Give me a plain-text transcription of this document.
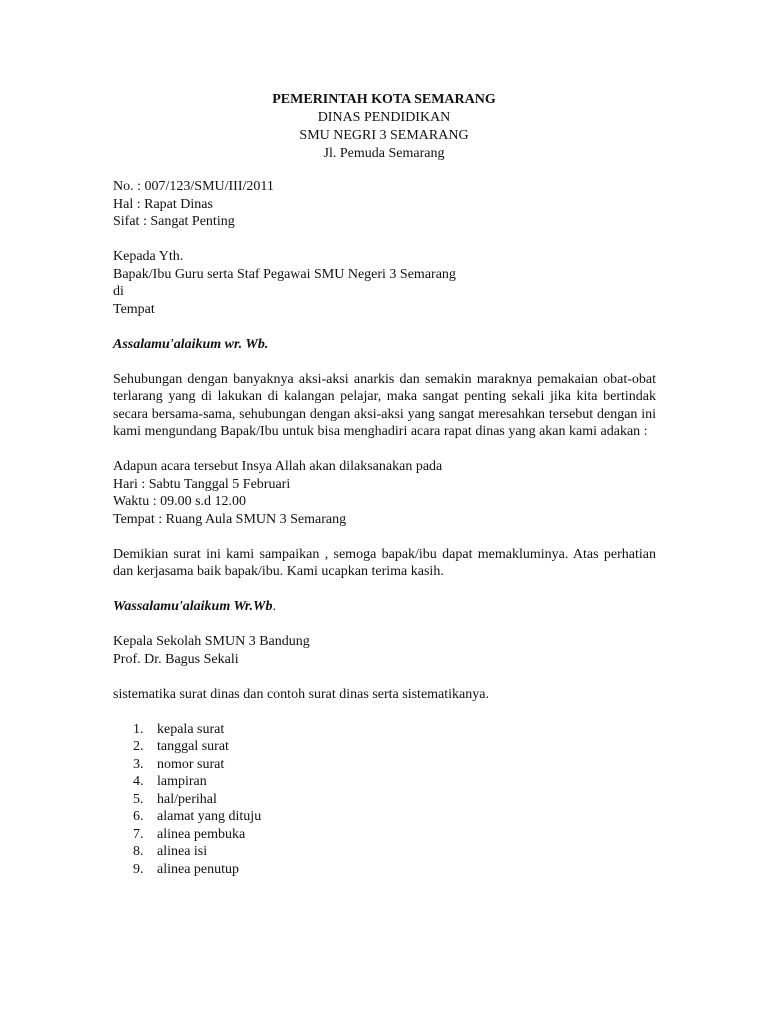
PEMERINTAH KOTA SEMARANG
DINAS PENDIDIKAN
SMU NEGRI 3 SEMARANG
Jl. Pemuda Semarang
No. : 007/123/SMU/III/2011
Hal : Rapat Dinas
Sifat : Sangat Penting
Kepada Yth.
Bapak/Ibu Guru serta Staf Pegawai SMU Negeri 3 Semarang
di
Tempat
Assalamu'alaikum wr. Wb.
Sehubungan dengan banyaknya aksi-aksi anarkis dan semakin maraknya pemakaian obat-obat terlarang yang di lakukan di kalangan pelajar, maka sangat penting sekali jika kita bertindak secara bersama-sama, sehubungan dengan aksi-aksi yang sangat meresahkan tersebut dengan ini kami mengundang Bapak/Ibu untuk bisa menghadiri acara rapat dinas yang akan kami adakan :
Adapun acara tersebut Insya Allah akan dilaksanakan pada
Hari : Sabtu Tanggal 5 Februari
Waktu : 09.00 s.d 12.00
Tempat : Ruang Aula SMUN 3 Semarang
Demikian surat ini kami sampaikan , semoga bapak/ibu dapat memakluminya. Atas perhatian dan kerjasama baik bapak/ibu. Kami ucapkan terima kasih.
Wassalamu'alaikum Wr.Wb.
Kepala Sekolah SMUN 3 Bandung
Prof. Dr. Bagus Sekali
sistematika surat dinas dan contoh surat dinas serta sistematikanya.
1. kepala surat
2. tanggal surat
3. nomor surat
4. lampiran
5. hal/perihal
6. alamat yang dituju
7. alinea pembuka
8. alinea isi
9. alinea penutup
